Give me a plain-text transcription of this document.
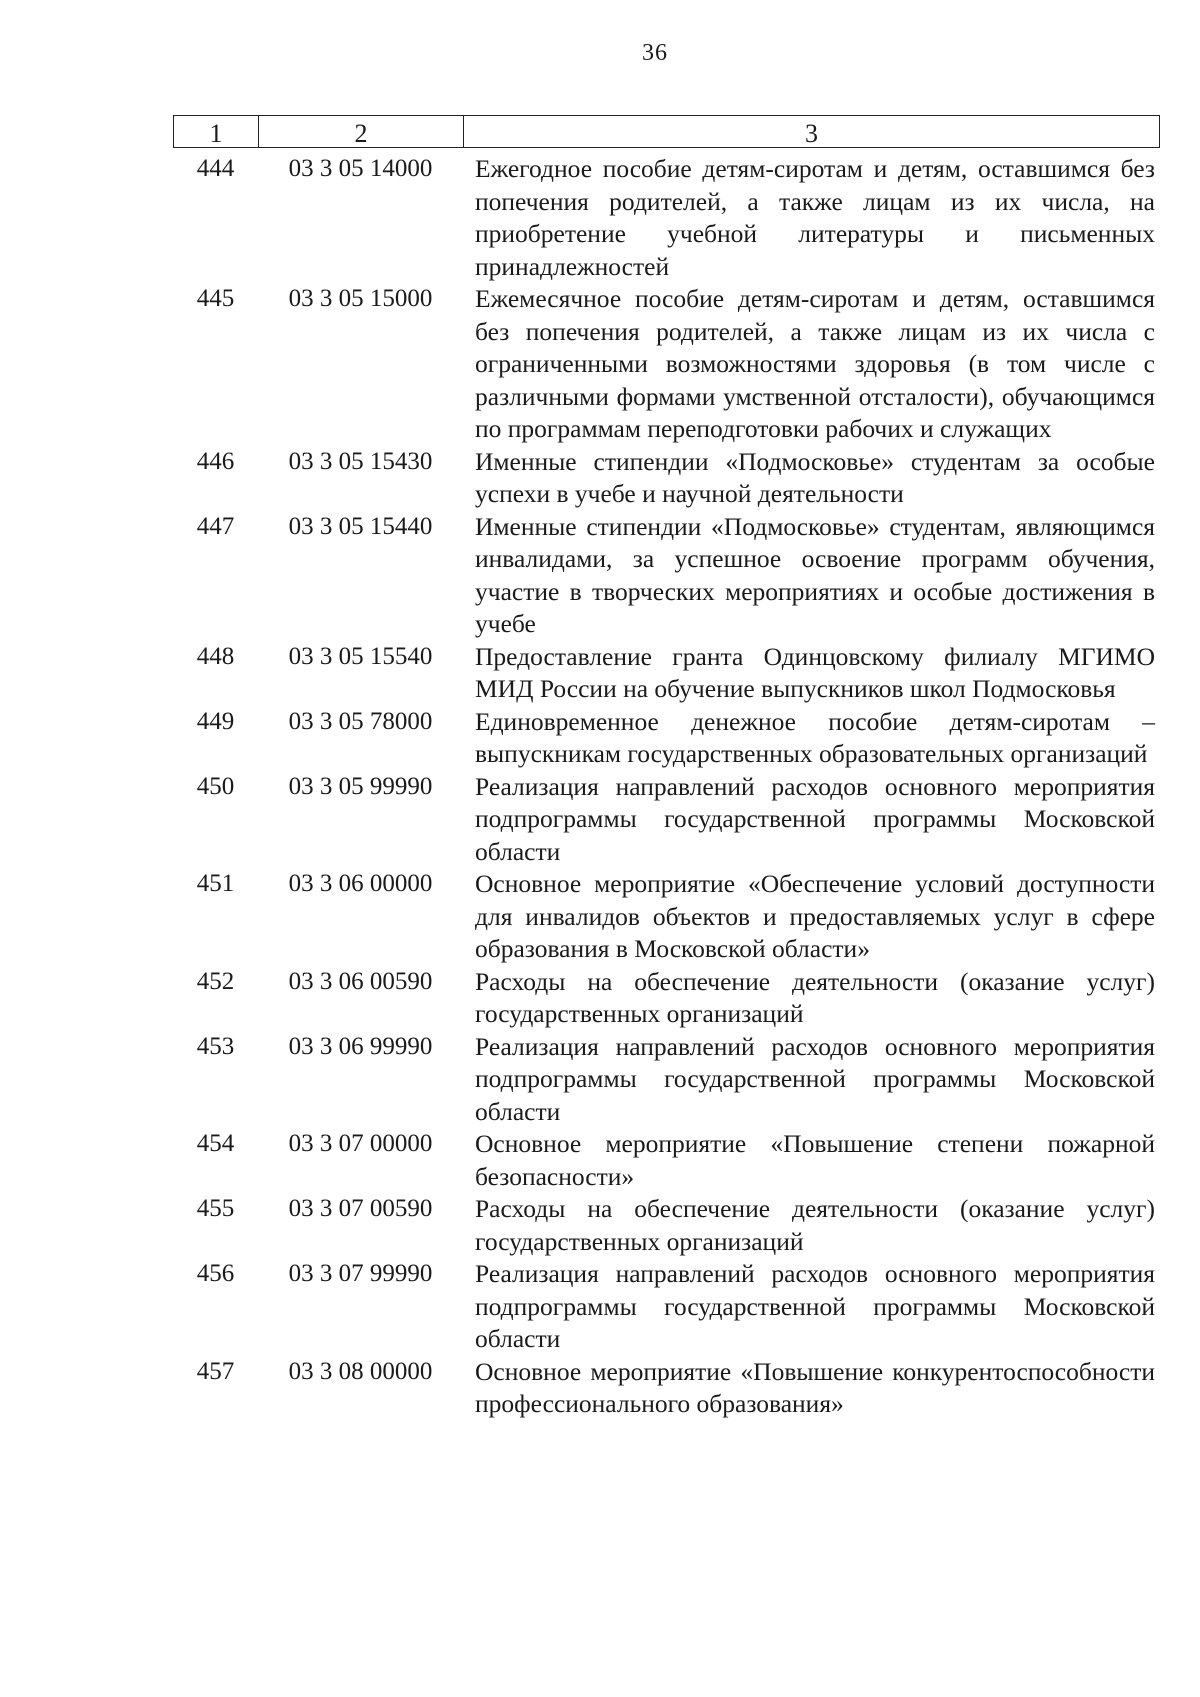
36
1	2	3
444	03 3 05 14000	Ежегодное пособие детям-сиротам и детям, оставшимся без попечения родителей, а также лицам из их числа, на приобретение учебной литературы и письменных принадлежностей
445	03 3 05 15000	Ежемесячное пособие детям-сиротам и детям, оставшимся без попечения родителей, а также лицам из их числа с ограниченными возможностями здоровья (в том числе с различными формами умственной отсталости), обучающимся по программам переподготовки рабочих и служащих
446	03 3 05 15430	Именные стипендии «Подмосковье» студентам за особые успехи в учебе и научной деятельности
447	03 3 05 15440	Именные стипендии «Подмосковье» студентам, являющимся инвалидами, за успешное освоение программ обучения, участие в творческих мероприятиях и особые достижения в учебе
448	03 3 05 15540	Предоставление гранта Одинцовскому филиалу МГИМО МИД России на обучение выпускников школ Подмосковья
449	03 3 05 78000	Единовременное денежное пособие детям-сиротам – выпускникам государственных образовательных организаций
450	03 3 05 99990	Реализация направлений расходов основного мероприятия подпрограммы государственной программы Московской области
451	03 3 06 00000	Основное мероприятие «Обеспечение условий доступности для инвалидов объектов и предоставляемых услуг в сфере образования в Московской области»
452	03 3 06 00590	Расходы на обеспечение деятельности (оказание услуг) государственных организаций
453	03 3 06 99990	Реализация направлений расходов основного мероприятия подпрограммы государственной программы Московской области
454	03 3 07 00000	Основное мероприятие «Повышение степени пожарной безопасности»
455	03 3 07 00590	Расходы на обеспечение деятельности (оказание услуг) государственных организаций
456	03 3 07 99990	Реализация направлений расходов основного мероприятия подпрограммы государственной программы Московской области
457	03 3 08 00000	Основное мероприятие «Повышение конкурентоспособности профессионального образования»
